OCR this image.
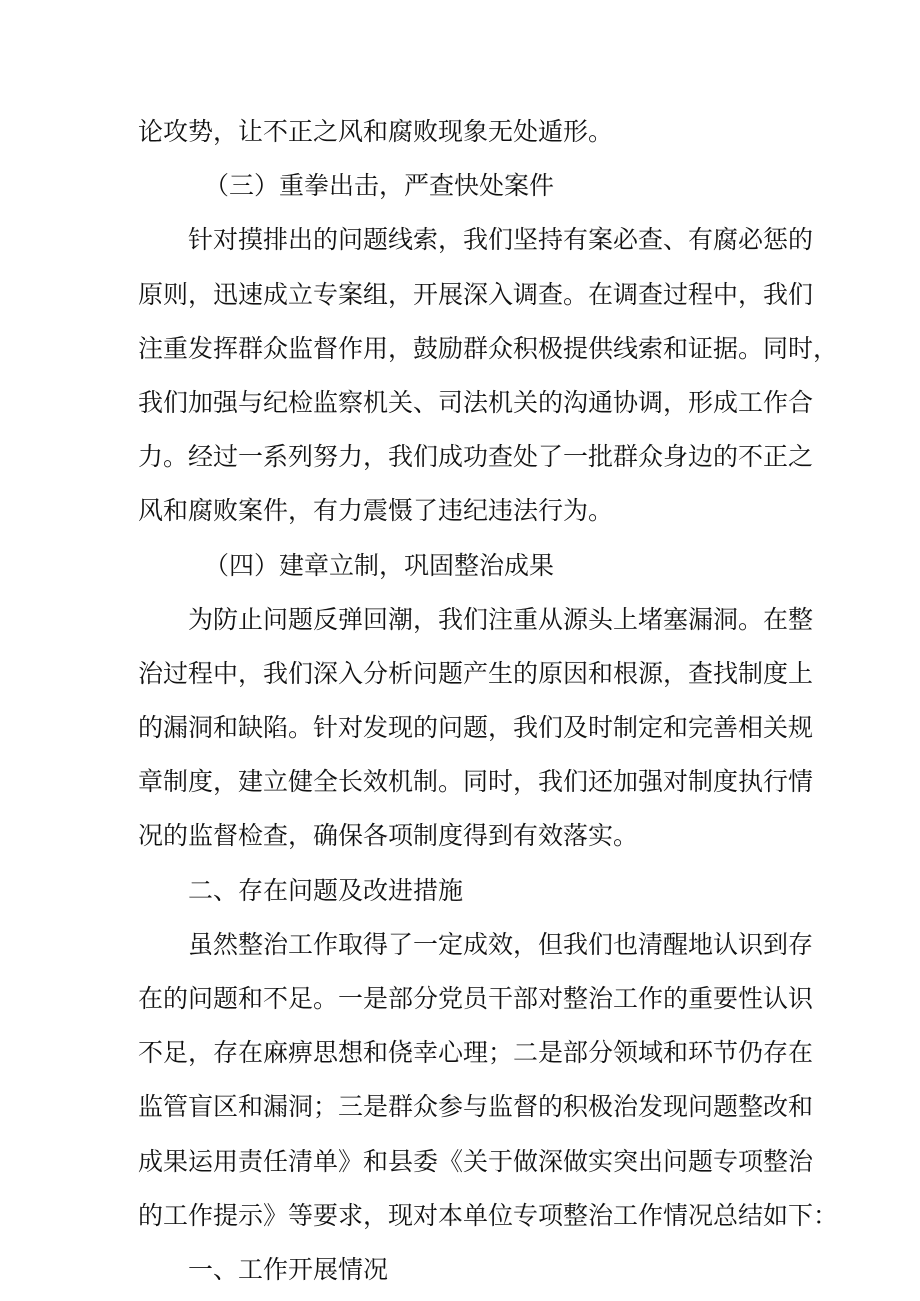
论攻势，让不正之风和腐败现象无处遁形。
（三）重拳出击，严查快处案件
针对摸排出的问题线索，我们坚持有案必查、有腐必惩的
原则，迅速成立专案组，开展深入调查。在调查过程中，我们
注重发挥群众监督作用，鼓励群众积极提供线索和证据。同时，
我们加强与纪检监察机关、司法机关的沟通协调，形成工作合
力。经过一系列努力，我们成功查处了一批群众身边的不正之
风和腐败案件，有力震慑了违纪违法行为。
（四）建章立制，巩固整治成果
为防止问题反弹回潮，我们注重从源头上堵塞漏洞。在整
治过程中，我们深入分析问题产生的原因和根源，查找制度上
的漏洞和缺陷。针对发现的问题，我们及时制定和完善相关规
章制度，建立健全长效机制。同时，我们还加强对制度执行情
况的监督检查，确保各项制度得到有效落实。
二、存在问题及改进措施
虽然整治工作取得了一定成效，但我们也清醒地认识到存
在的问题和不足。一是部分党员干部对整治工作的重要性认识
不足，存在麻痹思想和侥幸心理；二是部分领域和环节仍存在
监管盲区和漏洞；三是群众参与监督的积极治发现问题整改和
成果运用责任清单》和县委《关于做深做实突出问题专项整治
的工作提示》等要求，现对本单位专项整治工作情况总结如下：
一、工作开展情况
